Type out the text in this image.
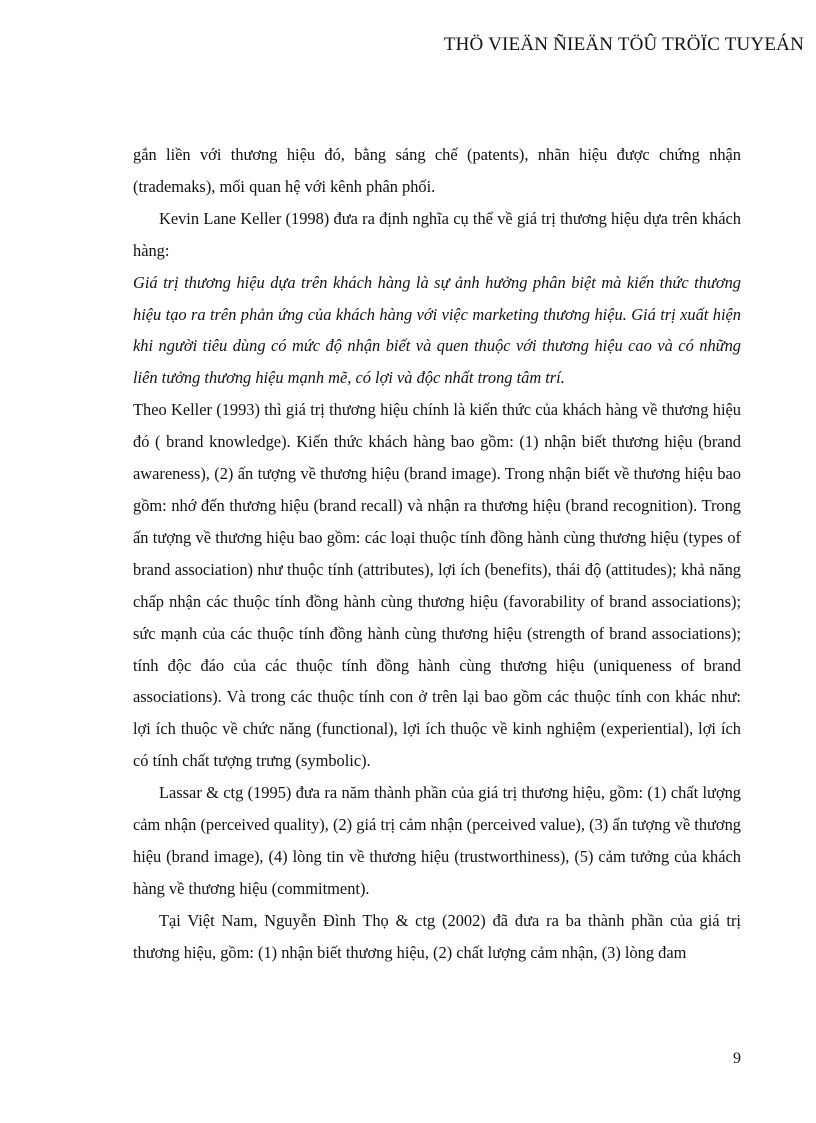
THÖ VIEÄN ÑIEÄN TÖÛ TRÖÏC TUYEÁN

gắn liền với thương hiệu đó, bằng sáng chế (patents), nhãn hiệu được chứng nhận (trademaks), mối quan hệ với kênh phân phối.

Kevin Lane Keller (1998) đưa ra định nghĩa cụ thể về giá trị thương hiệu dựa trên khách hàng:

Giá trị thương hiệu dựa trên khách hàng là sự ảnh hưởng phân biệt mà kiến thức thương hiệu tạo ra trên phản ứng của khách hàng với việc marketing thương hiệu. Giá trị xuất hiện khi người tiêu dùng có mức độ nhận biết và quen thuộc với thương hiệu cao và có những liên tưởng thương hiệu mạnh mẽ, có lợi và độc nhất trong tâm trí.

Theo Keller (1993) thì giá trị thương hiệu chính là kiến thức của khách hàng về thương hiệu đó ( brand knowledge). Kiến thức khách hàng bao gồm: (1) nhận biết thương hiệu (brand awareness), (2) ấn tượng về thương hiệu (brand image). Trong nhận biết về thương hiệu bao gồm: nhớ đến thương hiệu (brand recall) và nhận ra thương hiệu (brand recognition). Trong ấn tượng về thương hiệu bao gồm: các loại thuộc tính đồng hành cùng thương hiệu (types of brand association) như thuộc tính (attributes), lợi ích (benefits), thái độ (attitudes); khả năng chấp nhận các thuộc tính đồng hành cùng thương hiệu (favorability of brand associations); sức mạnh của các thuộc tính đồng hành cùng thương hiệu (strength of brand associations); tính độc đáo của các thuộc tính đồng hành cùng thương hiệu (uniqueness of brand associations). Và trong các thuộc tính con ở trên lại bao gồm các thuộc tính con khác như: lợi ích thuộc về chức năng (functional), lợi ích thuộc về kinh nghiệm (experiential), lợi ích có tính chất tượng trưng (symbolic).

Lassar & ctg (1995) đưa ra năm thành phần của giá trị thương hiệu, gồm: (1) chất lượng cảm nhận (perceived quality), (2) giá trị cảm nhận (perceived value), (3) ấn tượng về thương hiệu (brand image), (4) lòng tin về thương hiệu (trustworthiness), (5) cảm tưởng của khách hàng về thương hiệu (commitment).

Tại Việt Nam, Nguyễn Đình Thọ & ctg (2002) đã đưa ra ba thành phần của giá trị thương hiệu, gồm: (1) nhận biết thương hiệu, (2) chất lượng cảm nhận, (3) lòng đam

9
